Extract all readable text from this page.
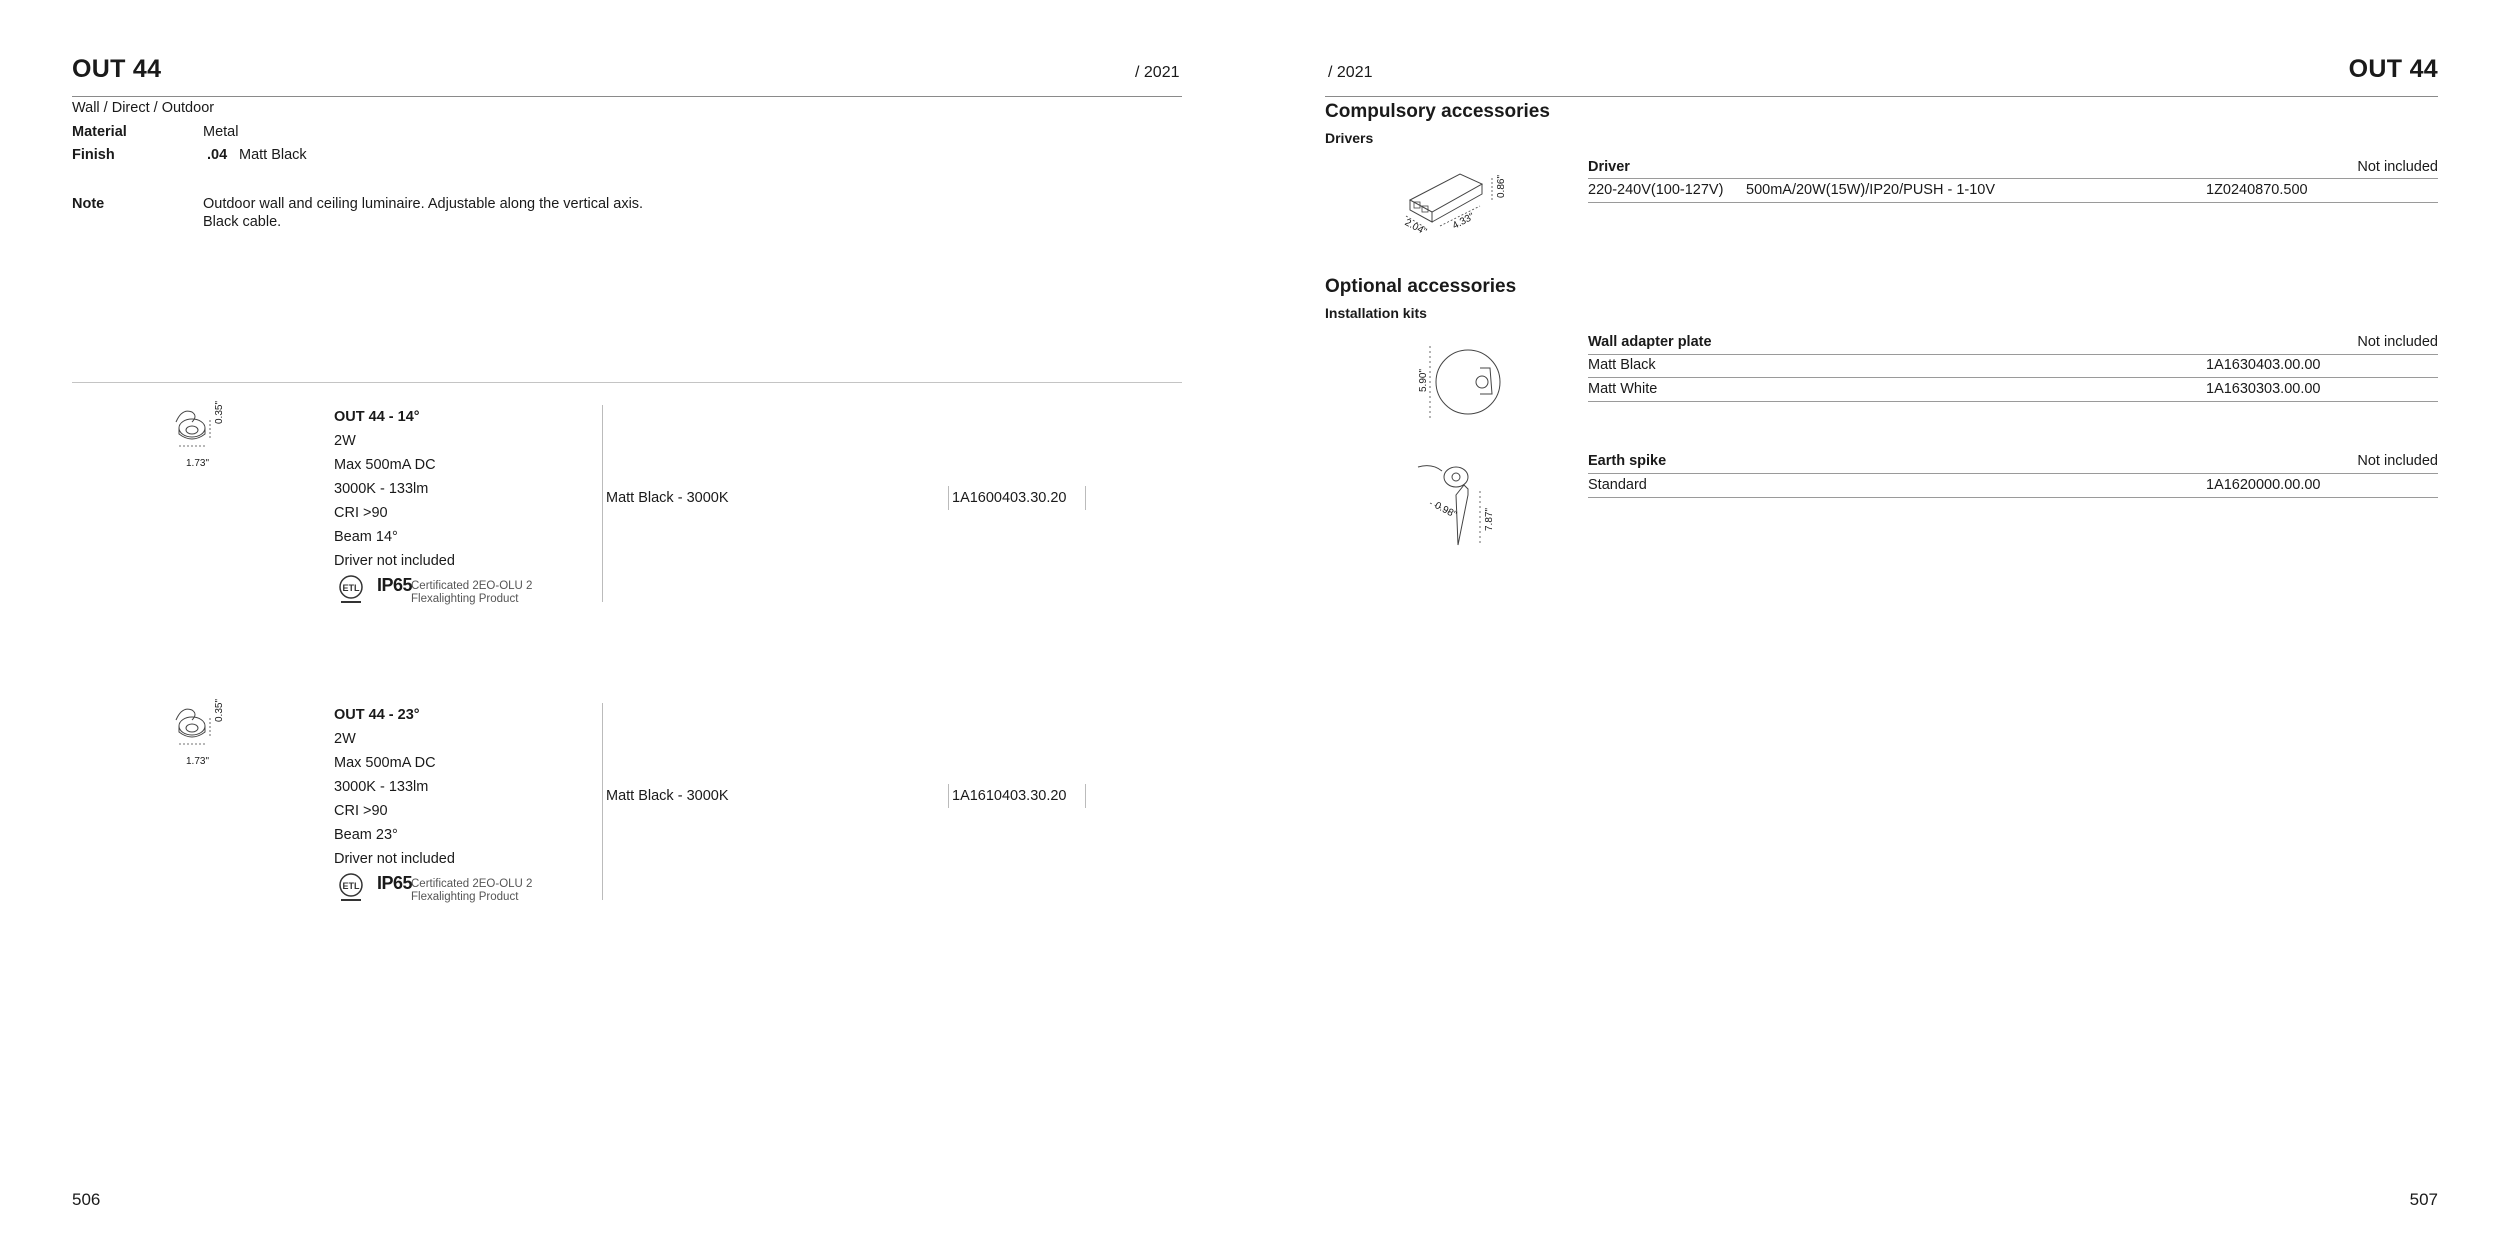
OUT 44	/ 2021
Wall / Direct / Outdoor
Material	Metal
Finish	.04 Matt Black
Note	Outdoor wall and ceiling luminaire. Adjustable along the vertical axis.
Black cable.
1.73"
0.35"	OUT 44 - 14°
2W
Max 500mA DC
3000K - 133lm
CRI >90
Beam 14°
Driver not included
ETL IP65
Certificated 2EO-OLU 2
Flexalighting Product
Matt Black - 3000K	1A1600403.30.20
1.73"
0.35"	OUT 44 - 23°
2W
Max 500mA DC
3000K - 133lm
CRI >90
Beam 23°
Driver not included
ETL IP65
Certificated 2EO-OLU 2
Flexalighting Product
Matt Black - 3000K	1A1610403.30.20
506
/ 2021	OUT 44
Compulsory accessories
Drivers
2.04" 4.33"
0.86"
Driver	Not included
220-240V(100-127V) 500mA/20W(15W)/IP20/PUSH - 1-10V	1Z0240870.500
Optional accessories
Installation kits
5.90"
Wall adapter plate	Not included
Matt Black	1A1630403.00.00
Matt White	1A1630303.00.00
0.98"	7.87"
Earth spike	Not included
Standard	1A1620000.00.00
507
